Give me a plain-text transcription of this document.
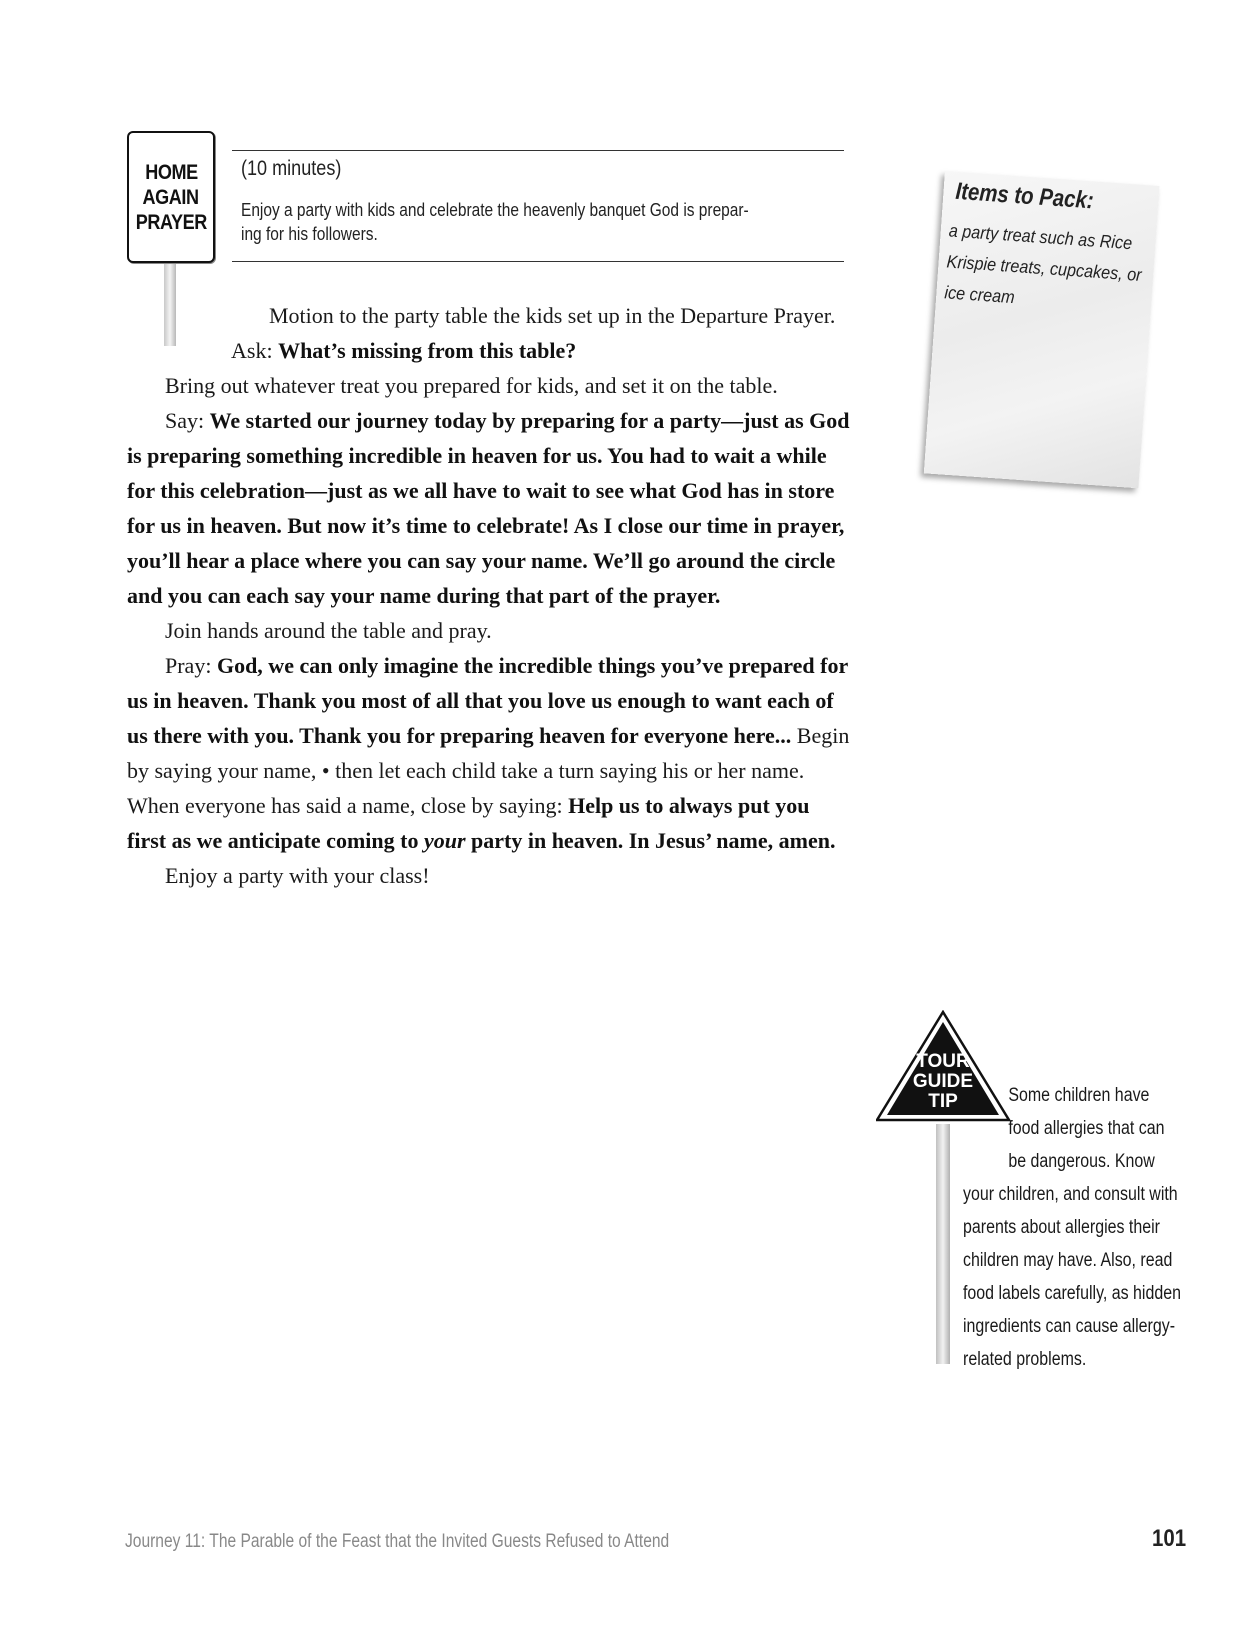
HOME
AGAIN
PRAYER
(10 minutes)
Enjoy a party with kids and celebrate the heavenly banquet God is prepar-
ing for his followers.

Motion to the party table the kids set up in the Departure Prayer.

Ask: What’s missing from this table?

Bring out whatever treat you prepared for kids, and set it on the table.

Say: We started our journey today by preparing for a party—just as God is preparing something incredible in heaven for us. You had to wait a while for this celebration—just as we all have to wait to see what God has in store for us in heaven. But now it’s time to celebrate! As I close our time in prayer, you’ll hear a place where you can say your name. We’ll go around the circle and you can each say your name during that part of the prayer.

Join hands around the table and pray.

Pray: God, we can only imagine the incredible things you’ve prepared for us in heaven. Thank you most of all that you love us enough to want each of us there with you. Thank you for preparing heaven for everyone here... Begin by saying your name, • then let each child take a turn saying his or her name. When everyone has said a name, close by saying: Help us to always put you first as we anticipate coming to your party in heaven. In Jesus’ name, amen.

Enjoy a party with your class!

Items to Pack:
a party treat such as Rice
Krispie treats, cupcakes, or
ice cream
TOUR
GUIDE
TIP	Some children have
food allergies that can
be dangerous. Know
your children, and consult with
parents about allergies their
children may have. Also, read
food labels carefully, as hidden
ingredients can cause allergy-
related problems.
Journey 11: The Parable of the Feast that the Invited Guests Refused to Attend	101
